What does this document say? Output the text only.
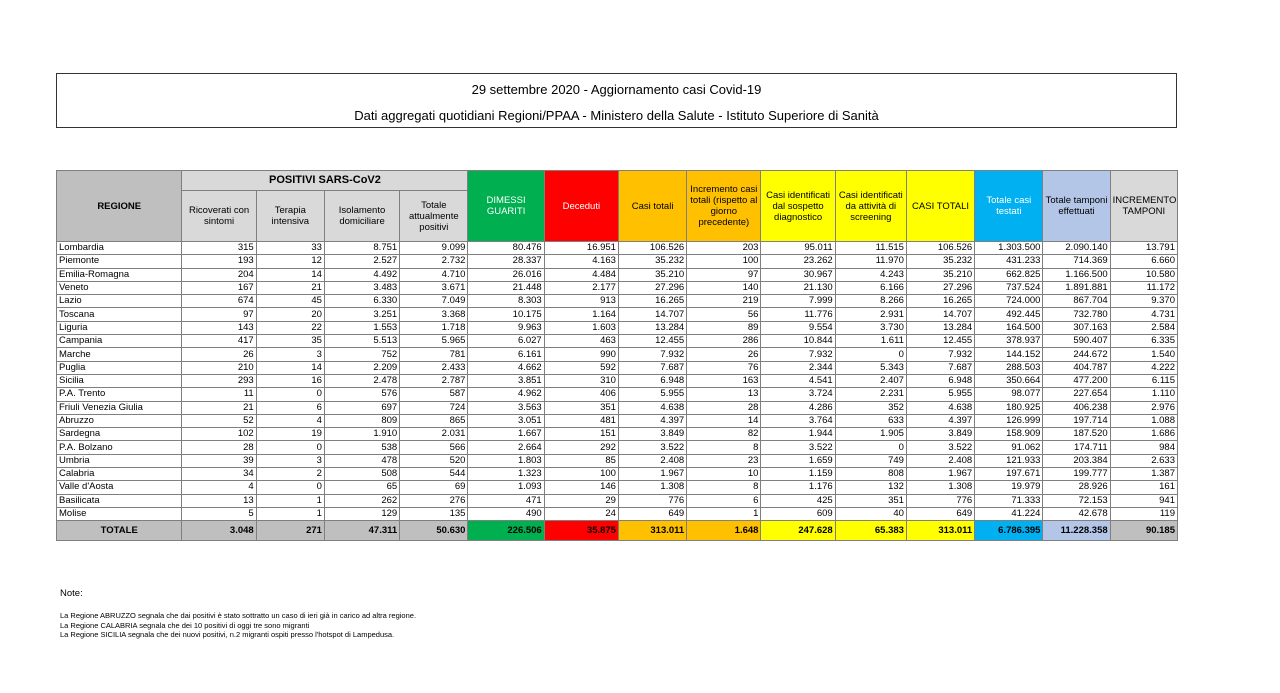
29 settembre 2020 - Aggiornamento casi Covid-19
Dati aggregati quotidiani Regioni/PPAA - Ministero della Salute - Istituto Superiore di Sanità
REGIONE	POSITIVI SARS-CoV2				DIMESSI GUARITI	Deceduti	Casi totali	Incremento casi totali (rispetto al giorno precedente)	Casi identificati dal sospetto diagnostico	Casi identificati da attività di screening	CASI TOTALI	Totale casi testati	Totale tamponi effettuati	INCREMENTO TAMPONI
	Ricoverati con sintomi	Terapia intensiva	Isolamento domiciliare	Totale attualmente positivi										
Lombardia	315	33	8.751	9.099	80.476	16.951	106.526	203	95.011	11.515	106.526	1.303.500	2.090.140	13.791
Piemonte	193	12	2.527	2.732	28.337	4.163	35.232	100	23.262	11.970	35.232	431.233	714.369	6.660
Emilia-Romagna	204	14	4.492	4.710	26.016	4.484	35.210	97	30.967	4.243	35.210	662.825	1.166.500	10.580
Veneto	167	21	3.483	3.671	21.448	2.177	27.296	140	21.130	6.166	27.296	737.524	1.891.881	11.172
Lazio	674	45	6.330	7.049	8.303	913	16.265	219	7.999	8.266	16.265	724.000	867.704	9.370
Toscana	97	20	3.251	3.368	10.175	1.164	14.707	56	11.776	2.931	14.707	492.445	732.780	4.731
Liguria	143	22	1.553	1.718	9.963	1.603	13.284	89	9.554	3.730	13.284	164.500	307.163	2.584
Campania	417	35	5.513	5.965	6.027	463	12.455	286	10.844	1.611	12.455	378.937	590.407	6.335
Marche	26	3	752	781	6.161	990	7.932	26	7.932	0	7.932	144.152	244.672	1.540
Puglia	210	14	2.209	2.433	4.662	592	7.687	76	2.344	5.343	7.687	288.503	404.787	4.222
Sicilia	293	16	2.478	2.787	3.851	310	6.948	163	4.541	2.407	6.948	350.664	477.200	6.115
P.A. Trento	11	0	576	587	4.962	406	5.955	13	3.724	2.231	5.955	98.077	227.654	1.110
Friuli Venezia Giulia	21	6	697	724	3.563	351	4.638	28	4.286	352	4.638	180.925	406.238	2.976
Abruzzo	52	4	809	865	3.051	481	4.397	14	3.764	633	4.397	126.999	197.714	1.088
Sardegna	102	19	1.910	2.031	1.667	151	3.849	82	1.944	1.905	3.849	158.909	187.520	1.686
P.A. Bolzano	28	0	538	566	2.664	292	3.522	8	3.522	0	3.522	91.062	174.711	984
Umbria	39	3	478	520	1.803	85	2.408	23	1.659	749	2.408	121.933	203.384	2.633
Calabria	34	2	508	544	1.323	100	1.967	10	1.159	808	1.967	197.671	199.777	1.387
Valle d'Aosta	4	0	65	69	1.093	146	1.308	8	1.176	132	1.308	19.979	28.926	161
Basilicata	13	1	262	276	471	29	776	6	425	351	776	71.333	72.153	941
Molise	5	1	129	135	490	24	649	1	609	40	649	41.224	42.678	119
TOTALE	3.048	271	47.311	50.630	226.506	35.875	313.011	1.648	247.628	65.383	313.011	6.786.395	11.228.358	90.185
Note:
La Regione ABRUZZO segnala che dai positivi è stato sottratto un caso di ieri già in carico ad altra regione.
La Regione CALABRIA segnala che dei 10 positivi di oggi tre sono migranti
La Regione SICILIA segnala che dei nuovi positivi, n.2 migranti ospiti presso l'hotspot di Lampedusa.
